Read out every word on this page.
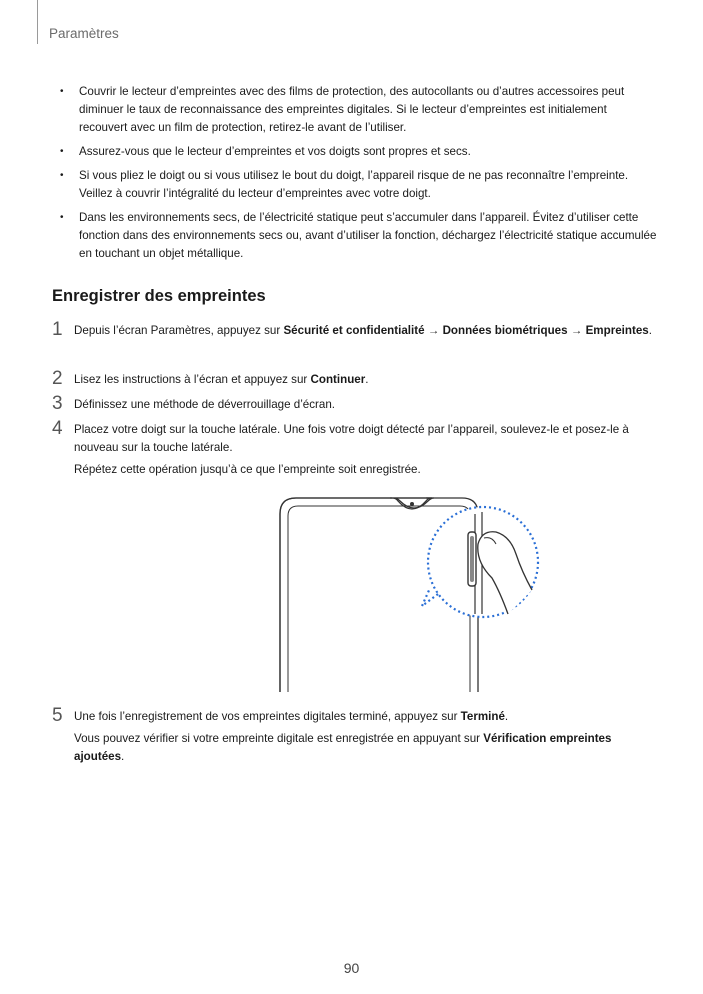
Paramètres
• Couvrir le lecteur d’empreintes avec des films de protection, des autocollants ou d’autres accessoires peut diminuer le taux de reconnaissance des empreintes digitales. Si le lecteur d’empreintes est initialement recouvert avec un film de protection, retirez-le avant de l’utiliser.
• Assurez-vous que le lecteur d’empreintes et vos doigts sont propres et secs.
• Si vous pliez le doigt ou si vous utilisez le bout du doigt, l’appareil risque de ne pas reconnaître l’empreinte. Veillez à couvrir l’intégralité du lecteur d’empreintes avec votre doigt.
• Dans les environnements secs, de l’électricité statique peut s’accumuler dans l’appareil. Évitez d’utiliser cette fonction dans des environnements secs ou, avant d’utiliser la fonction, déchargez l’électricité statique accumulée en touchant un objet métallique.
Enregistrer des empreintes
1 Depuis l’écran Paramètres, appuyez sur Sécurité et confidentialité → Données biométriques → Empreintes.
2 Lisez les instructions à l’écran et appuyez sur Continuer.
3 Définissez une méthode de déverrouillage d’écran.
4 Placez votre doigt sur la touche latérale. Une fois votre doigt détecté par l’appareil, soulevez-le et posez-le à nouveau sur la touche latérale.

Répétez cette opération jusqu’à ce que l’empreinte soit enregistrée.

5 Une fois l’enregistrement de vos empreintes digitales terminé, appuyez sur Terminé.

Vous pouvez vérifier si votre empreinte digitale est enregistrée en appuyant sur Vérification empreintes ajoutées.

90
